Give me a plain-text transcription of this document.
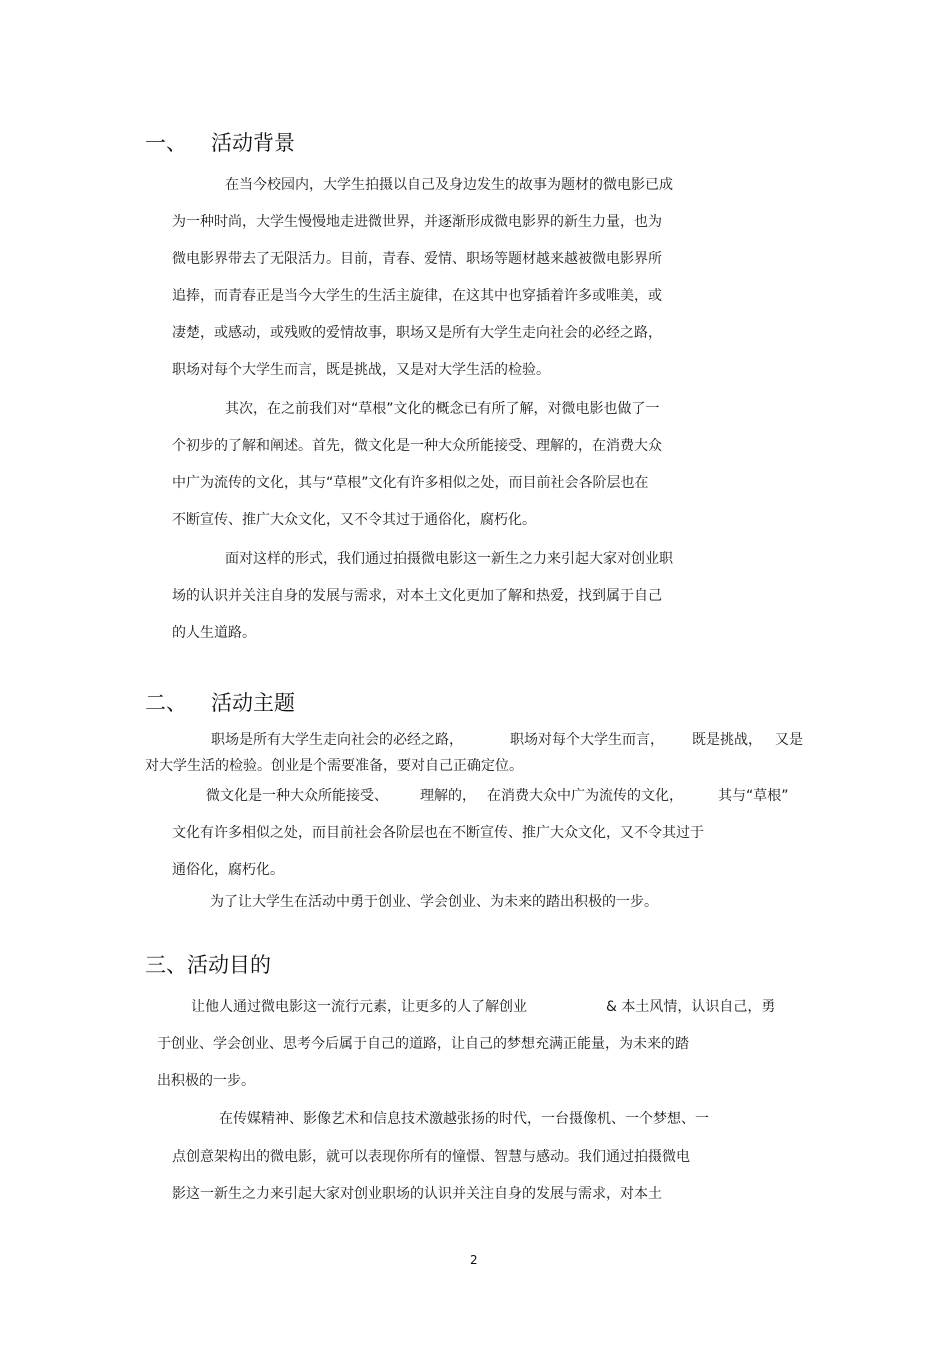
一、 活动背景
在当今校园内，大学生拍摄以自己及身边发生的故事为题材的微电影已成
为一种时尚，大学生慢慢地走进微世界，并逐渐形成微电影界的新生力量，也为
微电影界带去了无限活力。目前，青春、爱情、职场等题材越来越被微电影界所
追捧，而青春正是当今大学生的生活主旋律，在这其中也穿插着许多或唯美，或
凄楚，或感动，或残败的爱情故事，职场又是所有大学生走向社会的必经之路，
职场对每个大学生而言，既是挑战，又是对大学生活的检验。
其次，在之前我们对“草根”文化的概念已有所了解，对微电影也做了一
个初步的了解和阐述。首先，微文化是一种大众所能接受、理解的，在消费大众
中广为流传的文化，其与“草根”文化有许多相似之处，而目前社会各阶层也在
不断宣传、推广大众文化，又不令其过于通俗化，腐朽化。
面对这样的形式，我们通过拍摄微电影这一新生之力来引起大家对创业职
场的认识并关注自身的发展与需求，对本土文化更加了解和热爱，找到属于自己
的人生道路。
二、 活动主题
职场是所有大学生走向社会的必经之路，	职场对每个大学生而言， 既是挑战， 又是
对大学生活的检验。创业是个需要准备，要对自己正确定位。
微文化是一种大众所能接受、 理解的， 在消费大众中广为流传的文化，	其与“草根”
文化有许多相似之处，而目前社会各阶层也在不断宣传、推广大众文化，又不令其过于
通俗化，腐朽化。
为了让大学生在活动中勇于创业、学会创业、为未来的踏出积极的一步。
三、活动目的
让他人通过微电影这一流行元素，让更多的人了解创业	& 本土风情，认识自己，勇
于创业、学会创业、思考今后属于自己的道路，让自己的梦想充满正能量，为未来的踏
出积极的一步。
在传媒精神、影像艺术和信息技术激越张扬的时代，一台摄像机、一个梦想、一
点创意架构出的微电影，就可以表现你所有的憧憬、智慧与感动。我们通过拍摄微电
影这一新生之力来引起大家对创业职场的认识并关注自身的发展与需求，对本土
2
